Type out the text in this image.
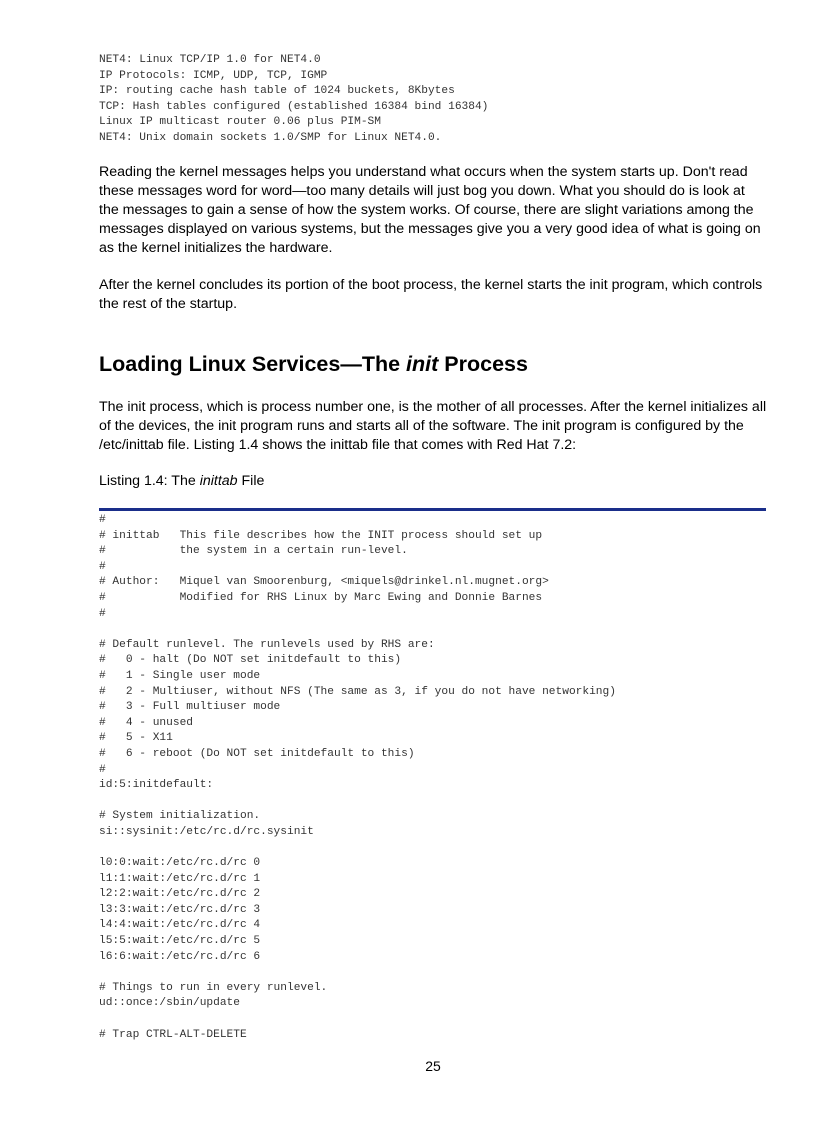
NET4: Linux TCP/IP 1.0 for NET4.0
IP Protocols: ICMP, UDP, TCP, IGMP
IP: routing cache hash table of 1024 buckets, 8Kbytes
TCP: Hash tables configured (established 16384 bind 16384)
Linux IP multicast router 0.06 plus PIM-SM
NET4: Unix domain sockets 1.0/SMP for Linux NET4.0.

Reading the kernel messages helps you understand what occurs when the system starts up. Don't read these messages word for word—too many details will just bog you down. What you should do is look at the messages to gain a sense of how the system works. Of course, there are slight variations among the messages displayed on various systems, but the messages give you a very good idea of what is going on as the kernel initializes the hardware.

After the kernel concludes its portion of the boot process, the kernel starts the init program, which controls the rest of the startup.

Loading Linux Services—The init Process

The init process, which is process number one, is the mother of all processes. After the kernel initializes all of the devices, the init program runs and starts all of the software. The init program is configured by the /etc/inittab file. Listing 1.4 shows the inittab file that comes with Red Hat 7.2:

Listing 1.4: The inittab File

#
# inittab   This file describes how the INIT process should set up
#           the system in a certain run-level.
#
# Author:   Miquel van Smoorenburg, <miquels@drinkel.nl.mugnet.org>
#           Modified for RHS Linux by Marc Ewing and Donnie Barnes
#

# Default runlevel. The runlevels used by RHS are:
#   0 - halt (Do NOT set initdefault to this)
#   1 - Single user mode
#   2 - Multiuser, without NFS (The same as 3, if you do not have networking)
#   3 - Full multiuser mode
#   4 - unused
#   5 - X11
#   6 - reboot (Do NOT set initdefault to this)
#
id:5:initdefault:

# System initialization.
si::sysinit:/etc/rc.d/rc.sysinit

l0:0:wait:/etc/rc.d/rc 0
l1:1:wait:/etc/rc.d/rc 1
l2:2:wait:/etc/rc.d/rc 2
l3:3:wait:/etc/rc.d/rc 3
l4:4:wait:/etc/rc.d/rc 4
l5:5:wait:/etc/rc.d/rc 5
l6:6:wait:/etc/rc.d/rc 6

# Things to run in every runlevel.
ud::once:/sbin/update

# Trap CTRL-ALT-DELETE

25
